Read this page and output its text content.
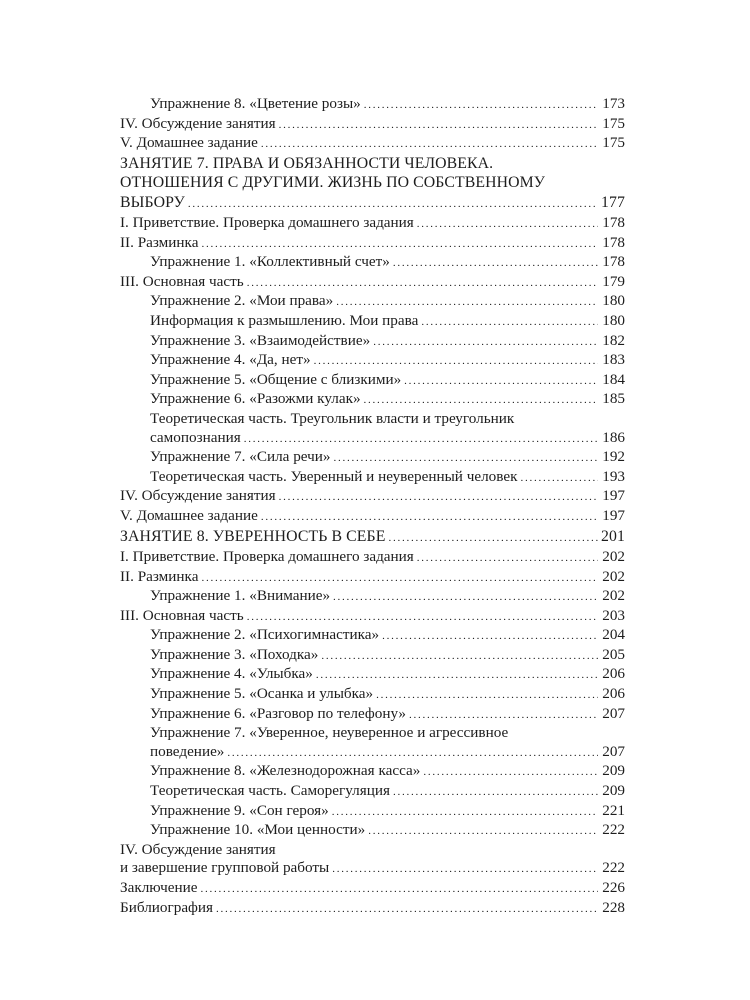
Упражнение 8. «Цветение розы» . . .	173
IV. Обсуждение занятия . . .	175
V. Домашнее задание . . .	175
ЗАНЯТИЕ 7. ПРАВА И ОБЯЗАННОСТИ ЧЕЛОВЕКА.
ОТНОШЕНИЯ С ДРУГИМИ. ЖИЗНЬ ПО СОБСТВЕННОМУ
ВЫБОРУ . . .	177
I. Приветствие. Проверка домашнего задания . . .	178
II. Разминка . . .	178
Упражнение 1. «Коллективный счет» . . .	178
III. Основная часть . . .	179
Упражнение 2. «Мои права» . . .	180
Информация к размышлению. Мои права . . .	180
Упражнение 3. «Взаимодействие» . . .	182
Упражнение 4. «Да, нет» . . .	183
Упражнение 5. «Общение с близкими» . . .	184
Упражнение 6. «Разожми кулак» . . .	185
Теоретическая часть. Треугольник власти и треугольник
самопознания . . .	186
Упражнение 7. «Сила речи» . . .	192
Теоретическая часть. Уверенный и неуверенный человек . . .	193
IV. Обсуждение занятия . . .	197
V. Домашнее задание . . .	197
ЗАНЯТИЕ 8. УВЕРЕННОСТЬ В СЕБЕ . . .	201
I. Приветствие. Проверка домашнего задания . . .	202
II. Разминка . . .	202
Упражнение 1. «Внимание» . . .	202
III. Основная часть . . .	203
Упражнение 2. «Психогимнастика» . . .	204
Упражнение 3. «Походка» . . .	205
Упражнение 4. «Улыбка» . . .	206
Упражнение 5. «Осанка и улыбка» . . .	206
Упражнение 6. «Разговор по телефону» . . .	207
Упражнение 7. «Уверенное, неуверенное и агрессивное
поведение» . . .	207
Упражнение 8. «Железнодорожная касса» . . .	209
Теоретическая часть. Саморегуляция . . .	209
Упражнение 9. «Сон героя» . . .	221
Упражнение 10. «Мои ценности» . . .	222
IV. Обсуждение занятия
и завершение групповой работы . . .	222
Заключение . . .	226
Библиография . . .	228
